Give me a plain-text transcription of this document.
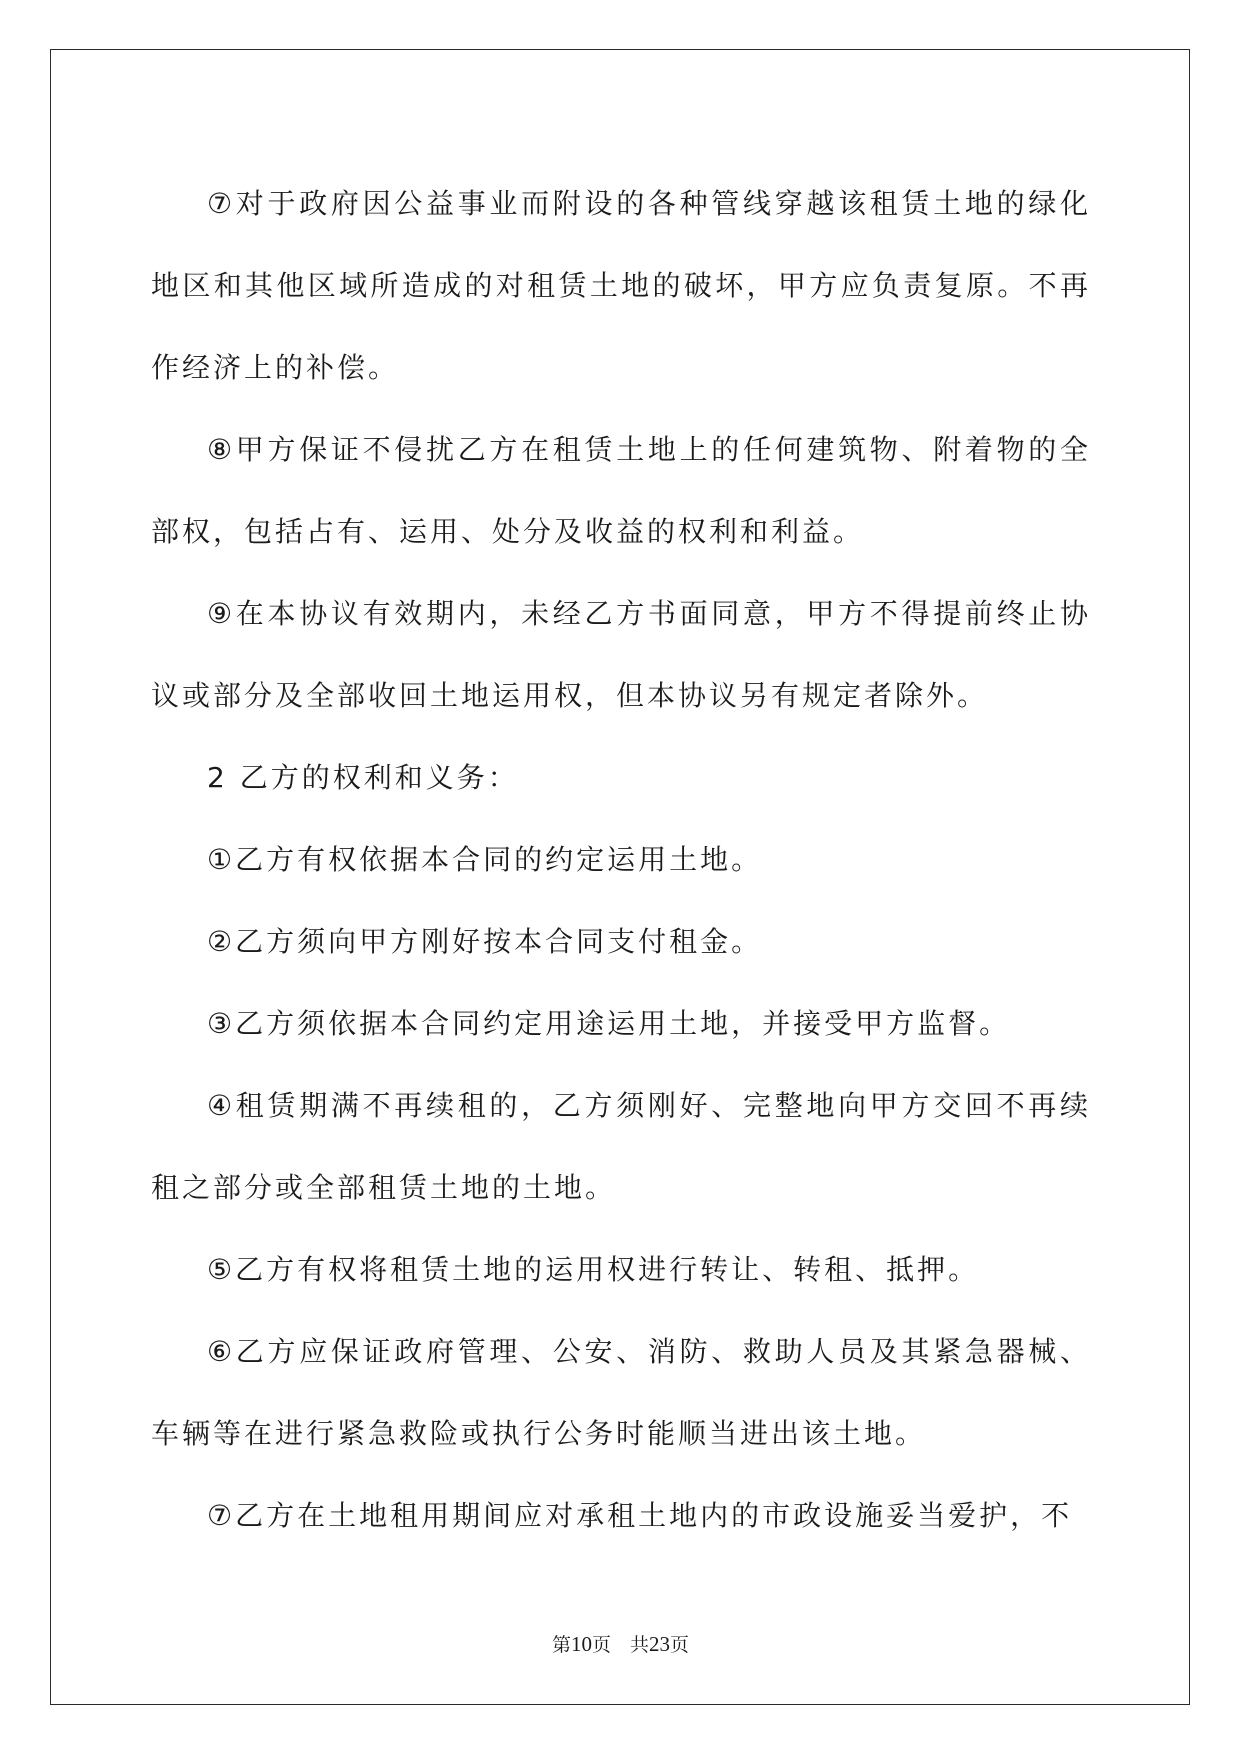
⑦对于政府因公益事业而附设的各种管线穿越该租赁土地的绿化地区和其他区域所造成的对租赁土地的破坏，甲方应负责复原。不再作经济上的补偿。

⑧甲方保证不侵扰乙方在租赁土地上的任何建筑物、附着物的全部权，包括占有、运用、处分及收益的权利和利益。

⑨在本协议有效期内，未经乙方书面同意，甲方不得提前终止协议或部分及全部收回土地运用权，但本协议另有规定者除外。

2 乙方的权利和义务：

①乙方有权依据本合同的约定运用土地。

②乙方须向甲方刚好按本合同支付租金。

③乙方须依据本合同约定用途运用土地，并接受甲方监督。

④租赁期满不再续租的，乙方须刚好、完整地向甲方交回不再续租之部分或全部租赁土地的土地。

⑤乙方有权将租赁土地的运用权进行转让、转租、抵押。

⑥乙方应保证政府管理、公安、消防、救助人员及其紧急器械、车辆等在进行紧急救险或执行公务时能顺当进出该土地。

⑦乙方在土地租用期间应对承租土地内的市政设施妥当爱护，不

第10页　共23页
